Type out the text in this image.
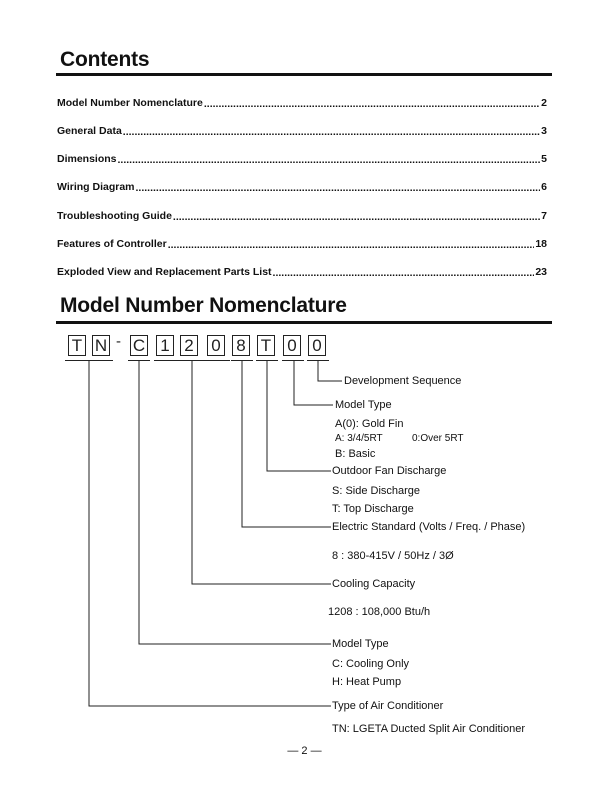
Contents
Model Number Nomenclature .....	2
General Data .....	3
Dimensions .....	5
Wiring Diagram .....	6
Troubleshooting Guide .....	7
Features of Controller .....	18
Exploded View and Replacement Parts List .....	23
Model Number Nomenclature
T N - C 1 2 0 8 T 0 0
Development Sequence
Model Type
A(0): Gold Fin
A: 3/4/5RT	0:Over 5RT
B: Basic
Outdoor Fan Discharge
S: Side Discharge
T: Top Discharge
Electric Standard (Volts / Freq. / Phase)
8 : 380-415V / 50Hz / 3Ø
Cooling Capacity
1208 : 108,000 Btu/h
Model Type
C: Cooling Only
H: Heat Pump
Type of Air Conditioner
TN: LGETA Ducted Split Air Conditioner
— 2 —
